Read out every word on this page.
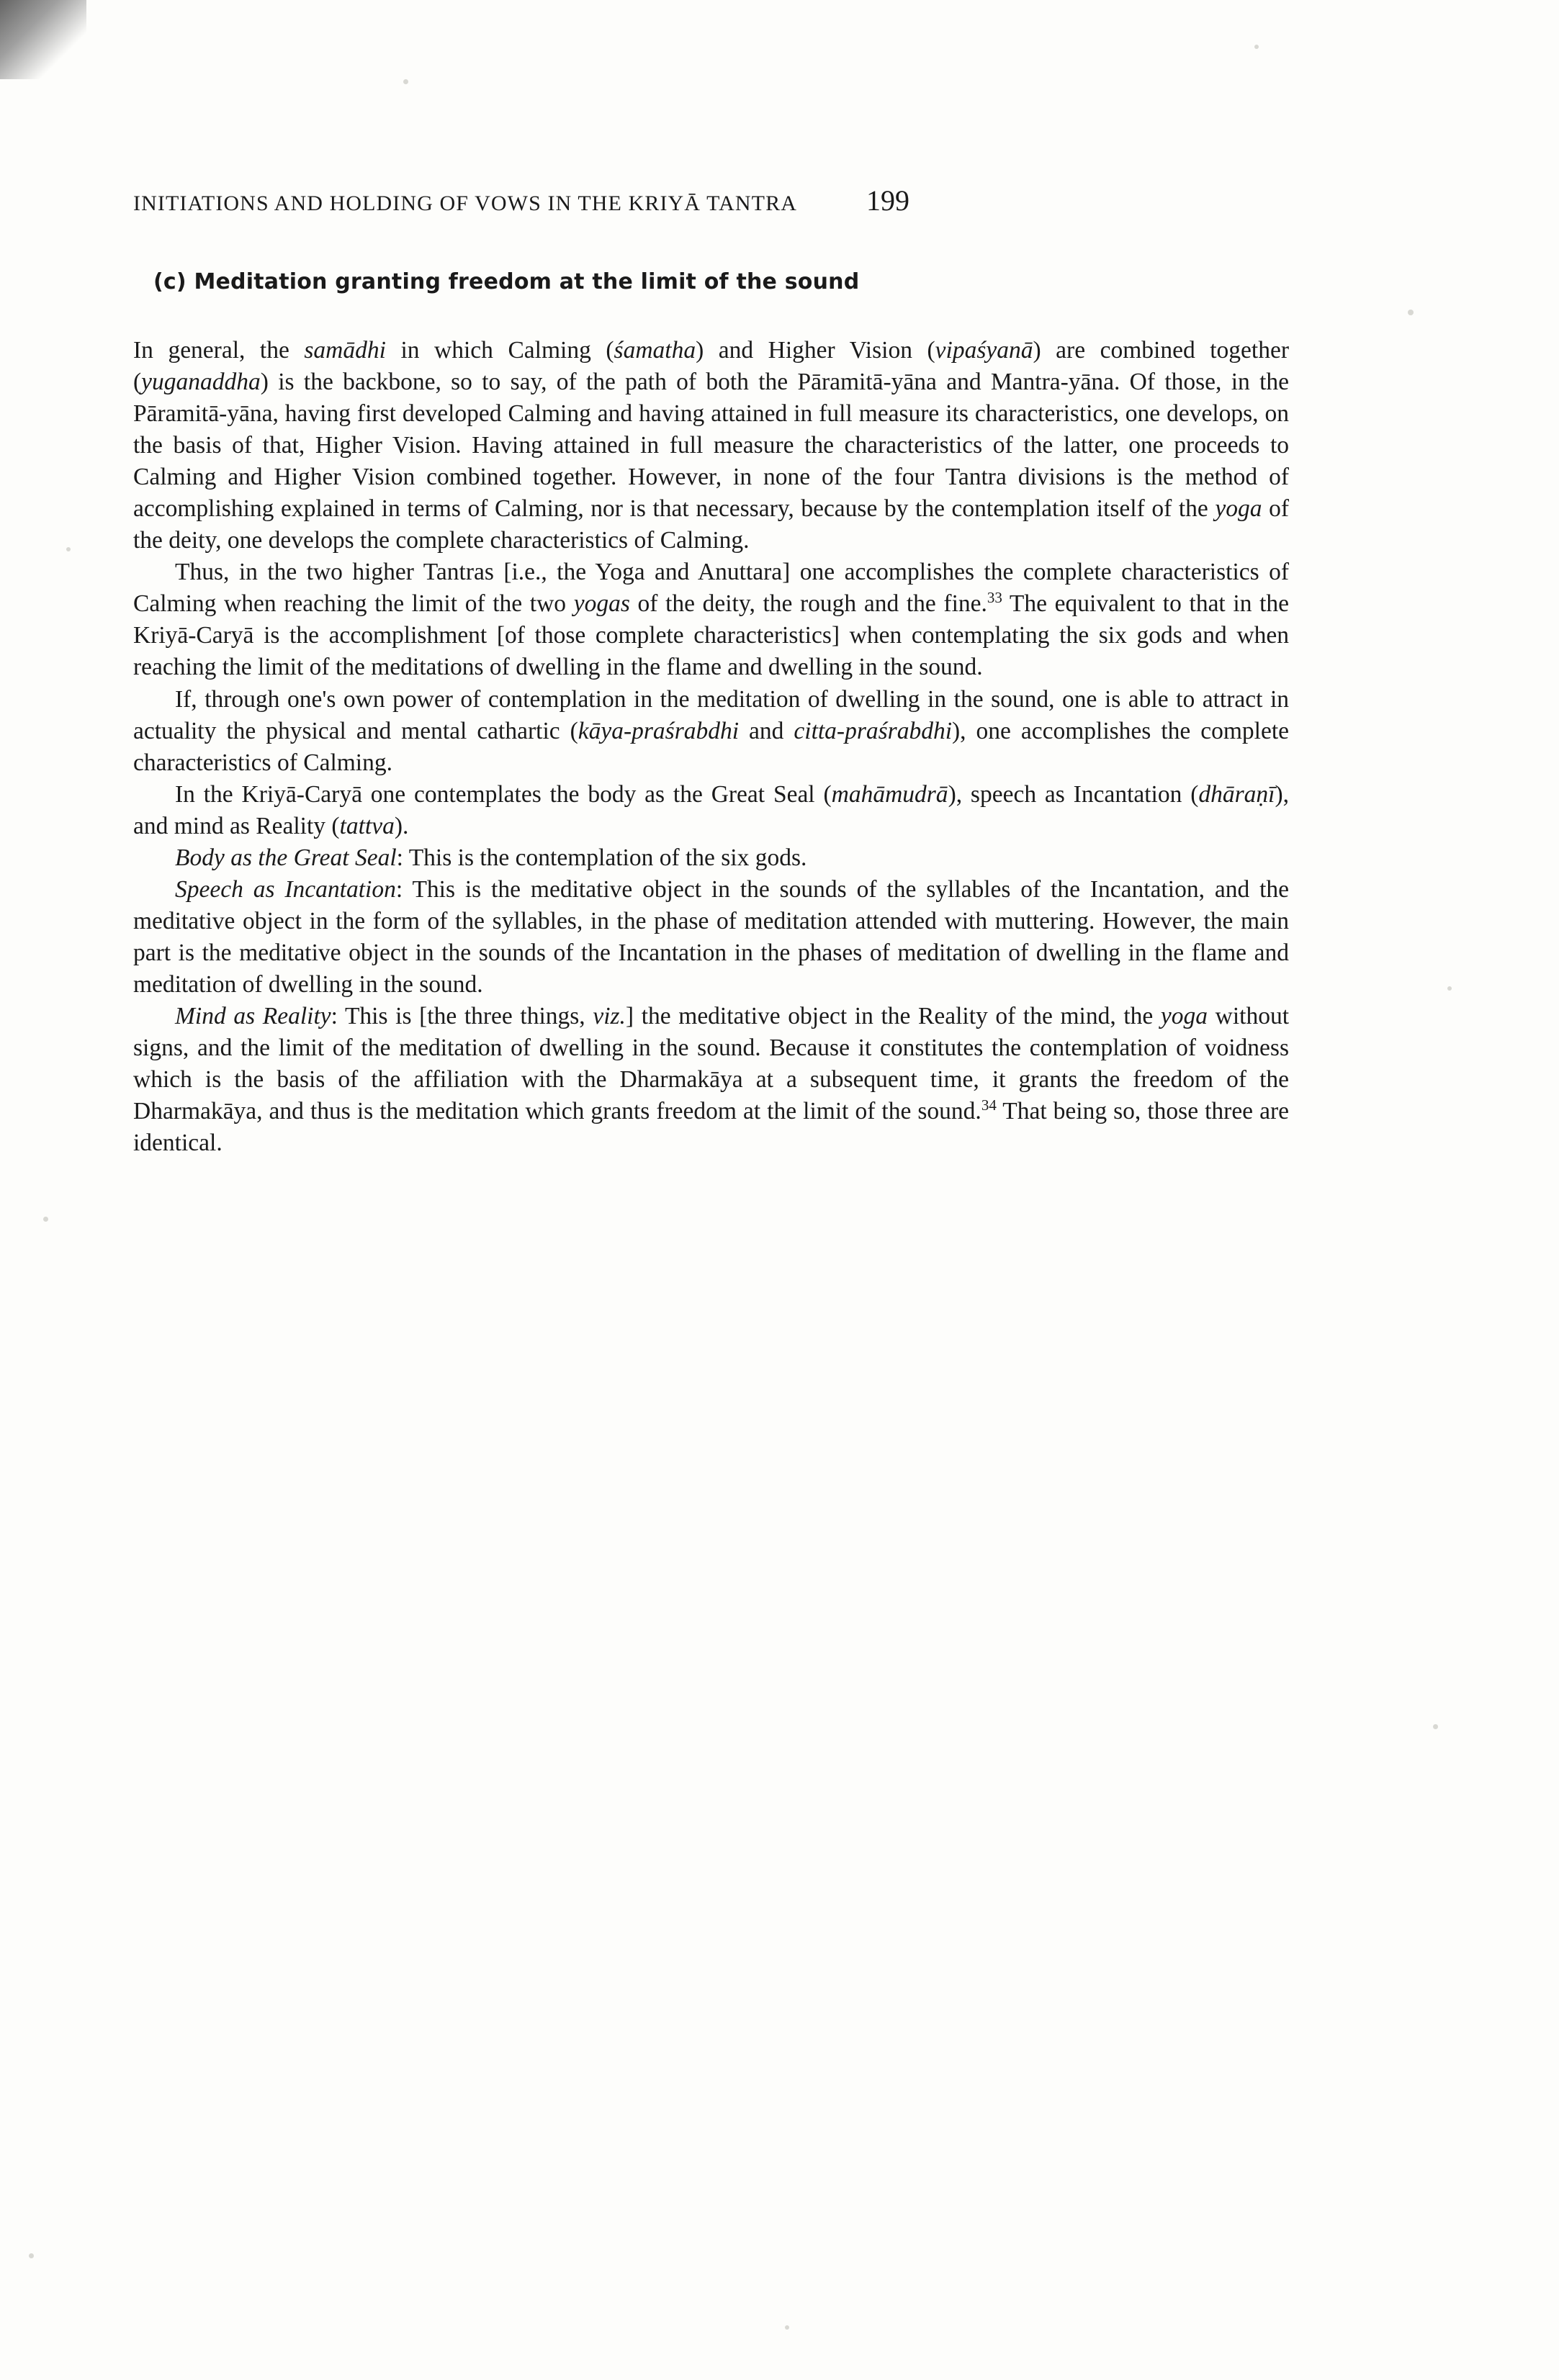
INITIATIONS AND HOLDING OF VOWS IN THE KRIYĀ TANTRA 199
(c) Meditation granting freedom at the limit of the sound

In general, the samādhi in which Calming (śamatha) and Higher Vision (vipaśyanā) are combined together (yuganaddha) is the backbone, so to say, of the path of both the Pāramitā-yāna and Mantra-yāna. Of those, in the Pāramitā-yāna, having first developed Calming and having attained in full measure its characteristics, one develops, on the basis of that, Higher Vision. Having attained in full measure the characteristics of the latter, one proceeds to Calming and Higher Vision combined together. However, in none of the four Tantra divisions is the method of accomplishing explained in terms of Calming, nor is that necessary, because by the contemplation itself of the yoga of the deity, one develops the complete characteristics of Calming.

Thus, in the two higher Tantras [i.e., the Yoga and Anuttara] one accomplishes the complete characteristics of Calming when reaching the limit of the two yogas of the deity, the rough and the fine.$^{33}$ The equivalent to that in the Kriyā-Caryā is the accomplishment [of those complete characteristics] when contemplating the six gods and when reaching the limit of the meditations of dwelling in the flame and dwelling in the sound.

If, through one's own power of contemplation in the meditation of dwelling in the sound, one is able to attract in actuality the physical and mental cathartic (kāya-praśrabdhi and citta-praśrabdhi), one accomplishes the complete characteristics of Calming.

In the Kriyā-Caryā one contemplates the body as the Great Seal (mahāmudrā), speech as Incantation (dhāraṇī), and mind as Reality (tattva).

Body as the Great Seal: This is the contemplation of the six gods.

Speech as Incantation: This is the meditative object in the sounds of the syllables of the Incantation, and the meditative object in the form of the syllables, in the phase of meditation attended with muttering. However, the main part is the meditative object in the sounds of the Incantation in the phases of meditation of dwelling in the flame and meditation of dwelling in the sound.

Mind as Reality: This is [the three things, viz.] the meditative object in the Reality of the mind, the yoga without signs, and the limit of the meditation of dwelling in the sound. Because it constitutes the contemplation of voidness which is the basis of the affiliation with the Dharmakāya at a subsequent time, it grants the freedom of the Dharmakāya, and thus is the meditation which grants freedom at the limit of the sound.$^{34}$ That being so, those three are identical.
